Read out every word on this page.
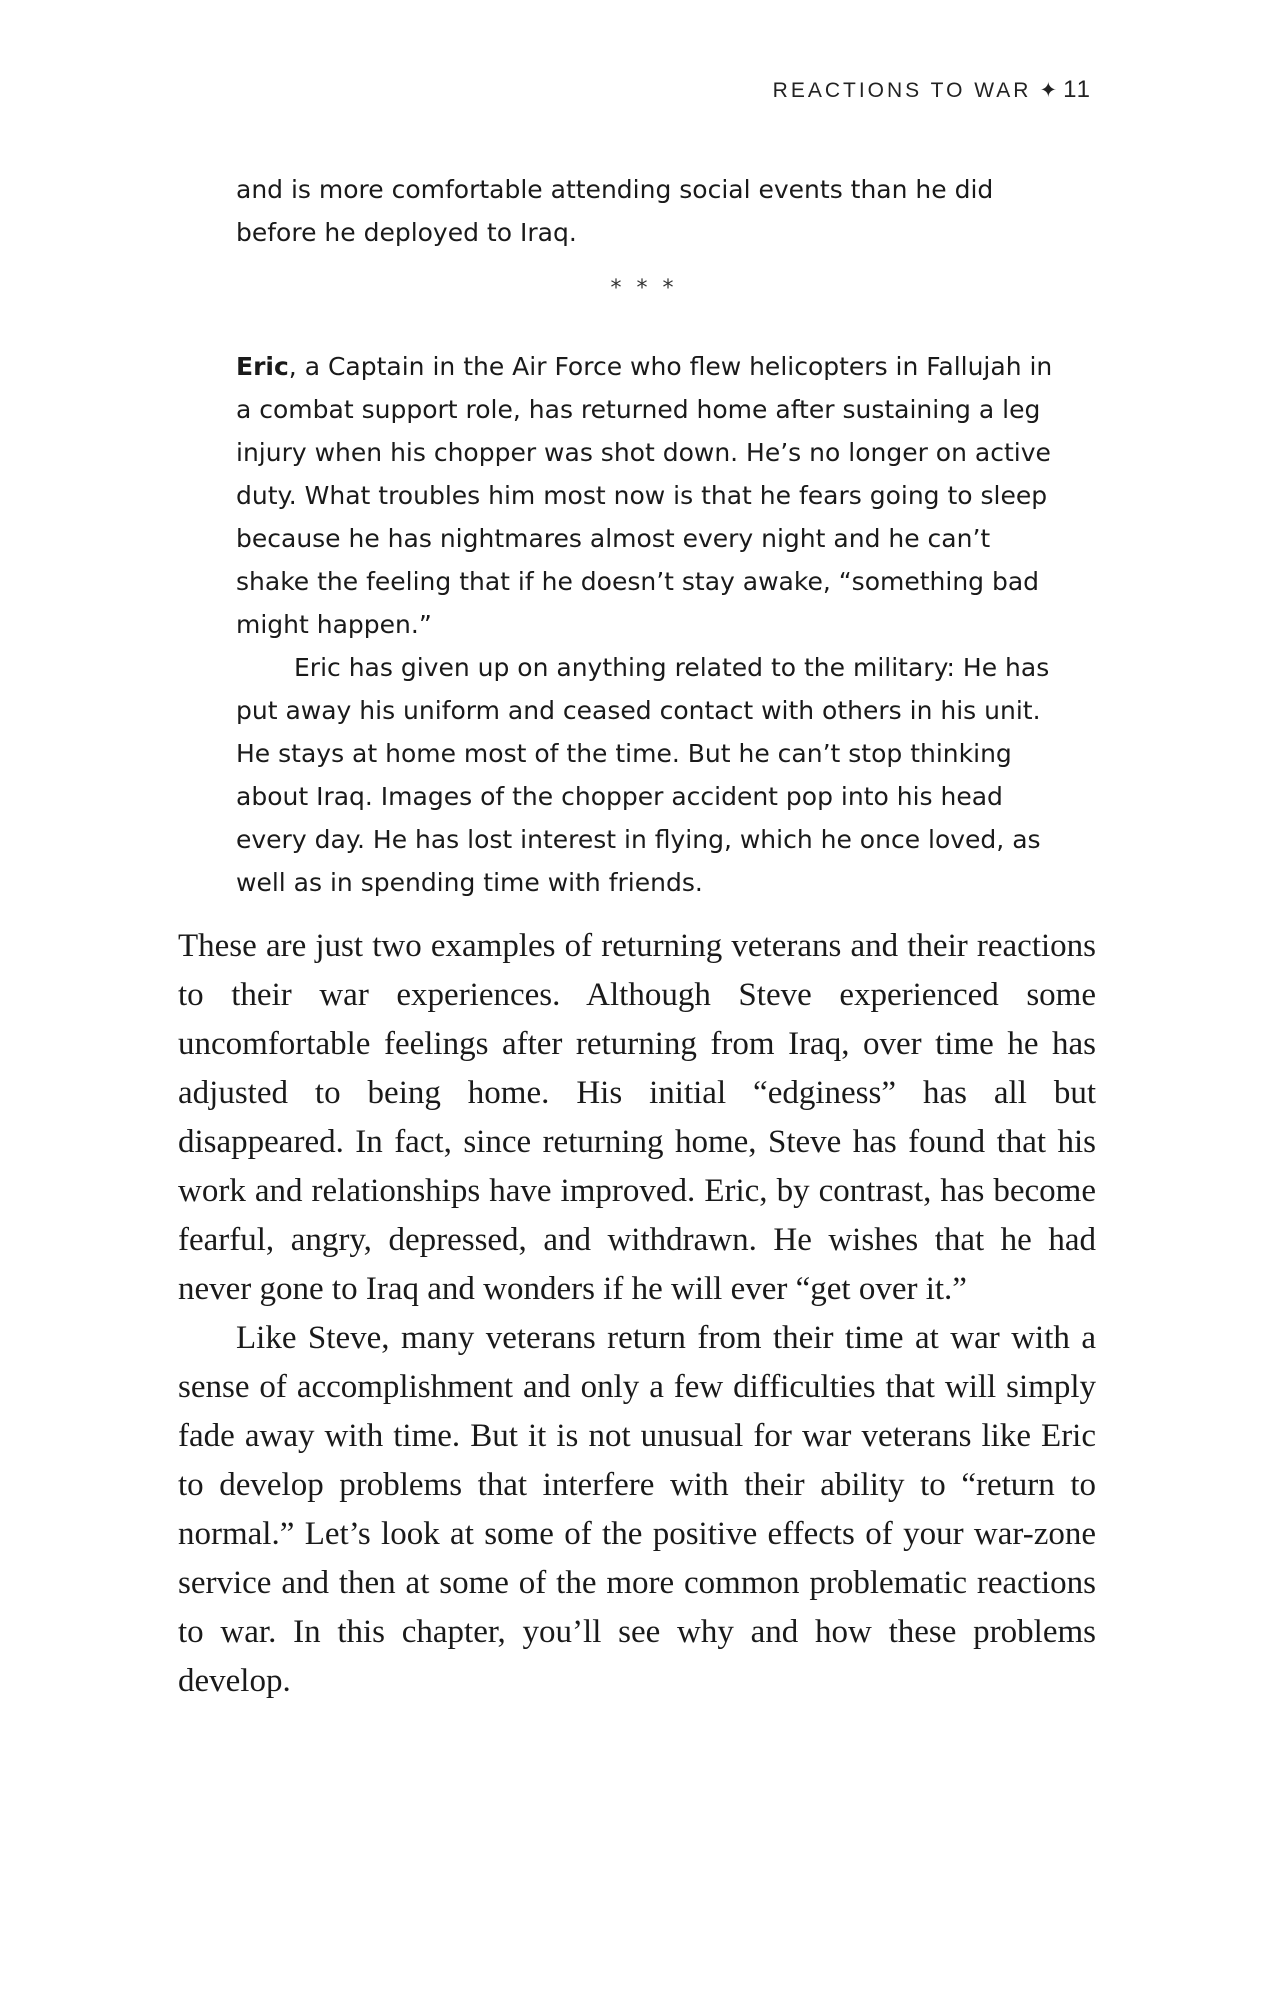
REACTIONS TO WAR ✦ 11

and is more comfortable attending social events than he did before he deployed to Iraq.

* * *

Eric, a Captain in the Air Force who flew helicopters in Fallujah in a combat support role, has returned home after sustaining a leg injury when his chopper was shot down. He’s no longer on active duty. What troubles him most now is that he fears going to sleep because he has nightmares almost every night and he can’t shake the feeling that if he doesn’t stay awake, “something bad might happen.”

Eric has given up on anything related to the military: He has put away his uniform and ceased contact with others in his unit. He stays at home most of the time. But he can’t stop thinking about Iraq. Images of the chopper accident pop into his head every day. He has lost interest in flying, which he once loved, as well as in spending time with friends.

These are just two examples of returning veterans and their reactions to their war experiences. Although Steve experienced some uncomfortable feelings after returning from Iraq, over time he has adjusted to being home. His initial “edginess” has all but disappeared. In fact, since returning home, Steve has found that his work and relationships have improved. Eric, by contrast, has become fearful, angry, depressed, and withdrawn. He wishes that he had never gone to Iraq and wonders if he will ever “get over it.”

Like Steve, many veterans return from their time at war with a sense of accomplishment and only a few difficulties that will simply fade away with time. But it is not unusual for war veterans like Eric to develop problems that interfere with their ability to “return to normal.” Let’s look at some of the positive effects of your war-zone service and then at some of the more common problematic reactions to war. In this chapter, you’ll see why and how these problems develop.
